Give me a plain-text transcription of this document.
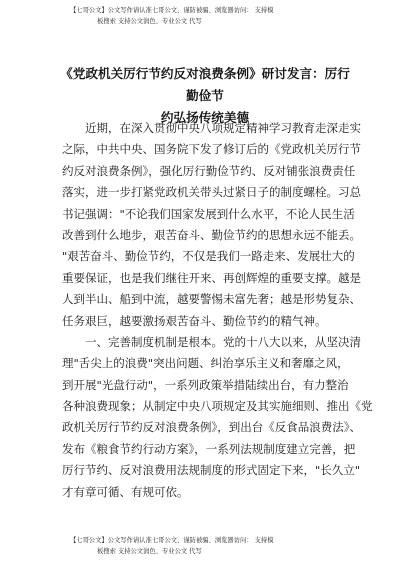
【七哥公文】公文写作请认准七哥公文、谨防被骗、浏览器访问： 支持模
板搜索 支持公文润色、专业公文 代写
《党政机关厉行节约反对浪费条例》研讨发言：厉行勤俭节
约弘扬传统美德
近期，在深入贯彻中央八项规定精神学习教育走深走实
之际，中共中央、国务院下发了修订后的《党政机关厉行节
约反对浪费条例》，强化厉行勤俭节约、反对铺张浪费责任
落实，进一步打紧党政机关带头过紧日子的制度螺栓。习总
书记强调："不论我们国家发展到什么水平，不论人民生活
改善到什么地步，艰苦奋斗、勤俭节约的思想永远不能丢。
"艰苦奋斗、勤俭节约，不仅是我们一路走来、发展壮大的
重要保证，也是我们继往开来、再创辉煌的重要支撑。越是
人到半山、船到中流，越要警惕未富先奢；越是形势复杂、
任务艰巨，越要激扬艰苦奋斗、勤俭节约的精气神。
一、完善制度机制是根本。党的十八大以来，从坚决清
理"舌尖上的浪费"突出问题、纠治享乐主义和奢靡之风，
到开展"光盘行动"，一系列政策举措陆续出台，有力整治
各种浪费现象；从制定中央八项规定及其实施细则、推出《党
政机关厉行节约反对浪费条例》，到出台《反食品浪费法》、
发布《粮食节约行动方案》，一系列法规制度建立完善，把
厉行节约、反对浪费用法规制度的形式固定下来，"长久立"
才有章可循、有规可依。
【七哥公文】公文写作请认准七哥公文、谨防被骗、浏览器访问： 支持模
板搜索 支持公文润色、专业公文 代写
